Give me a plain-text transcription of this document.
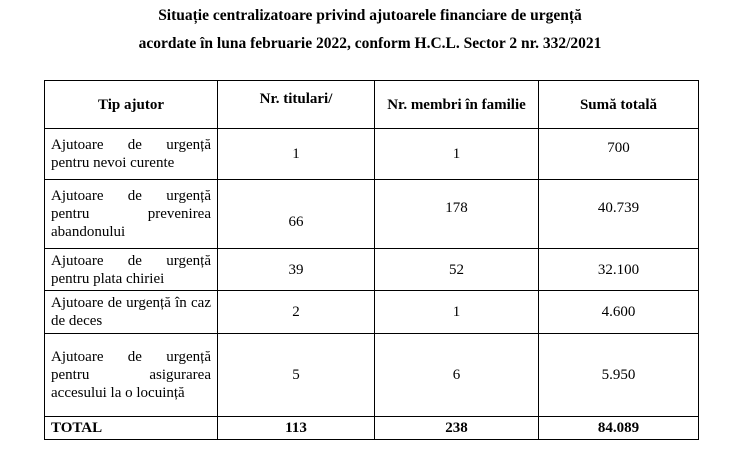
Situație centralizatoare privind ajutoarele financiare de urgență
acordate în luna februarie 2022, conform H.C.L. Sector 2 nr. 332/2021
Tip ajutor	Nr. titulari/	Nr. membri în familie	Sumă totală
Ajutoare de urgență pentru nevoi curente	1	1	700
Ajutoare de urgență pentru prevenirea abandonului	66	178	40.739
Ajutoare de urgență pentru plata chiriei	39	52	32.100
Ajutoare de urgență în caz de deces	2	1	4.600
Ajutoare de urgență pentru asigurarea accesului la o locuință	5	6	5.950
TOTAL	113	238	84.089
